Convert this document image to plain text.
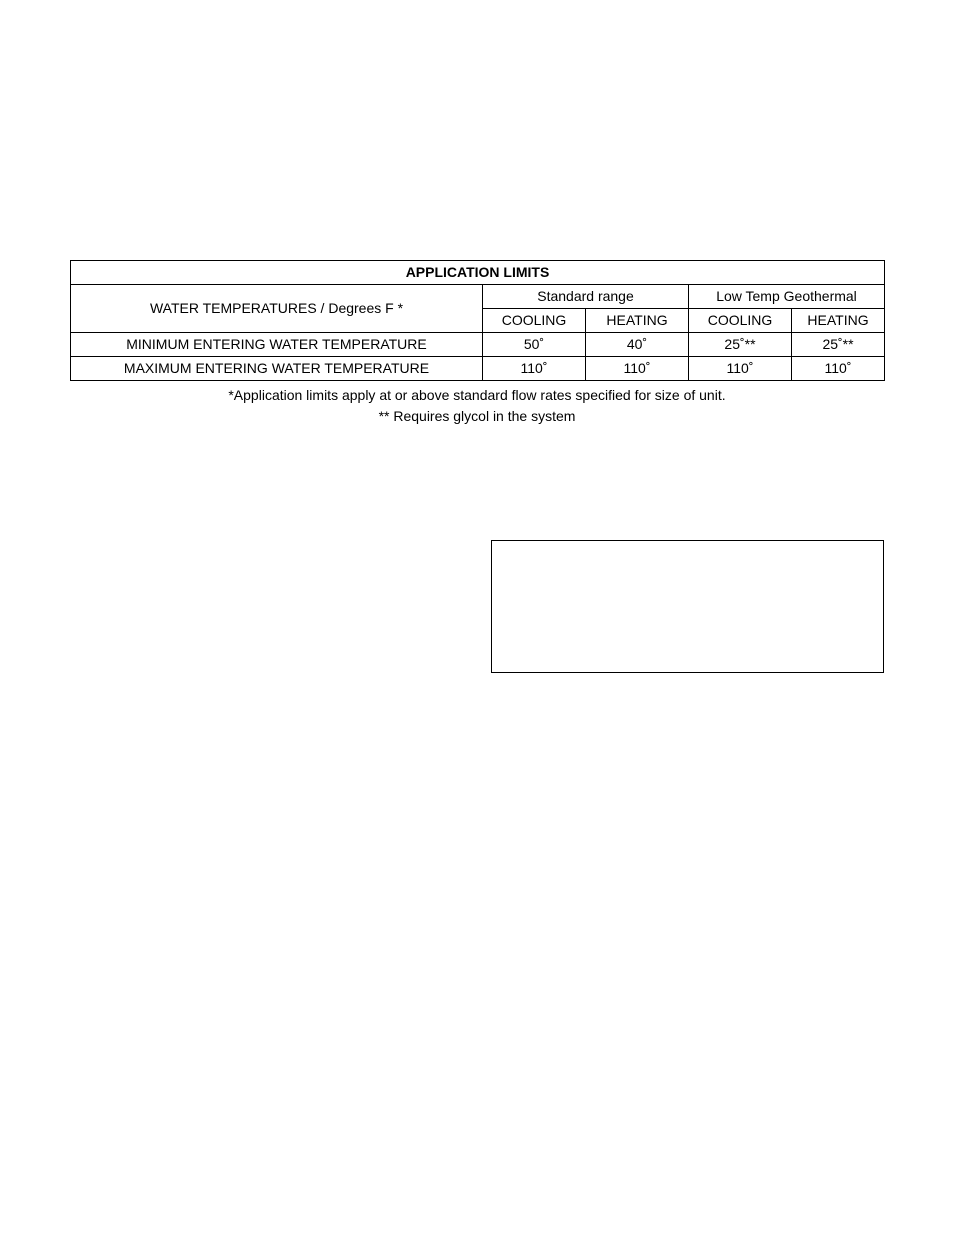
APPLICATION LIMITS				
WATER TEMPERATURES / Degrees F *	Standard range		Low Temp Geothermal	
	COOLING	HEATING	COOLING	HEATING
MINIMUM ENTERING WATER TEMPERATURE	50˚	40˚	25˚**	25˚**
MAXIMUM ENTERING WATER TEMPERATURE	110˚	110˚	110˚	110˚
*Application limits apply at or above standard flow rates specified for size of unit.
** Requires glycol in the system
